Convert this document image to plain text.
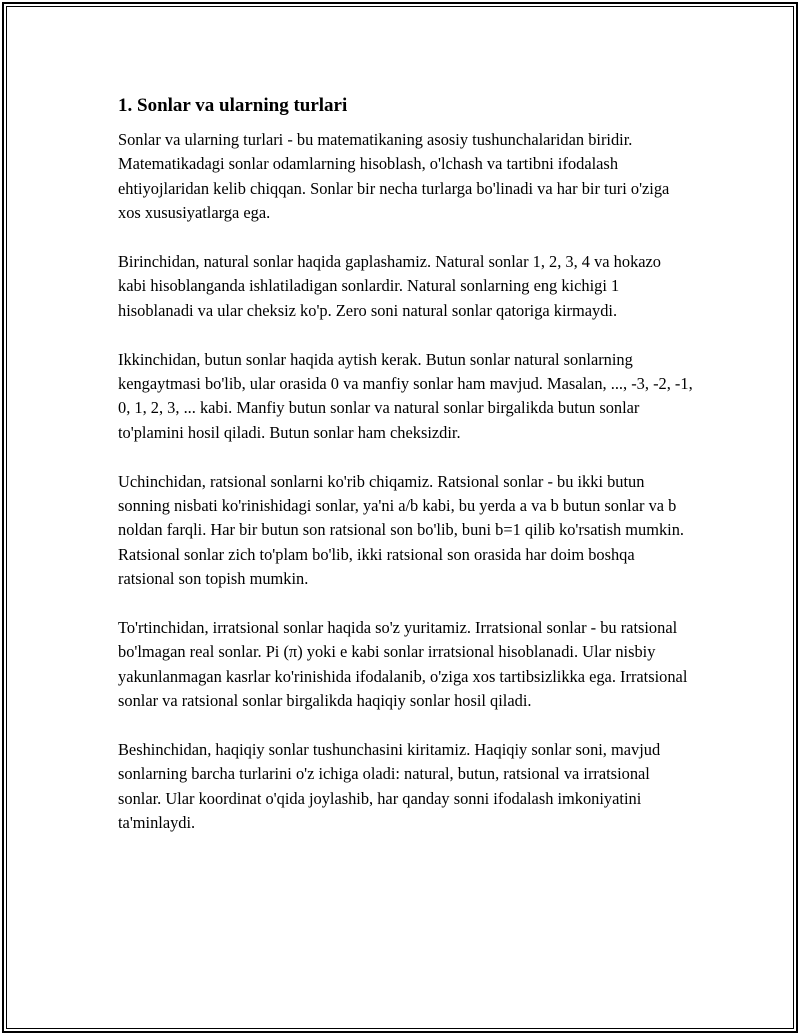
1. Sonlar va ularning turlari

Sonlar va ularning turlari - bu matematikaning asosiy tushunchalaridan biridir. Matematikadagi sonlar odamlarning hisoblash, o'lchash va tartibni ifodalash ehtiyojlaridan kelib chiqqan. Sonlar bir necha turlarga bo'linadi va har bir turi o'ziga xos xususiyatlarga ega.

Birinchidan, natural sonlar haqida gaplashamiz. Natural sonlar 1, 2, 3, 4 va hokazo kabi hisoblanganda ishlatiladigan sonlardir. Natural sonlarning eng kichigi 1 hisoblanadi va ular cheksiz ko'p. Zero soni natural sonlar qatoriga kirmaydi.

Ikkinchidan, butun sonlar haqida aytish kerak. Butun sonlar natural sonlarning kengaytmasi bo'lib, ular orasida 0 va manfiy sonlar ham mavjud. Masalan, ..., -3, -2, -1, 0, 1, 2, 3, ... kabi. Manfiy butun sonlar va natural sonlar birgalikda butun sonlar to'plamini hosil qiladi. Butun sonlar ham cheksizdir.

Uchinchidan, ratsional sonlarni ko'rib chiqamiz. Ratsional sonlar - bu ikki butun sonning nisbati ko'rinishidagi sonlar, ya'ni a/b kabi, bu yerda a va b butun sonlar va b noldan farqli. Har bir butun son ratsional son bo'lib, buni b=1 qilib ko'rsatish mumkin. Ratsional sonlar zich to'plam bo'lib, ikki ratsional son orasida har doim boshqa ratsional son topish mumkin.

To'rtinchidan, irratsional sonlar haqida so'z yuritamiz. Irratsional sonlar - bu ratsional bo'lmagan real sonlar. Pi (π) yoki e kabi sonlar irratsional hisoblanadi. Ular nisbiy yakunlanmagan kasrlar ko'rinishida ifodalanib, o'ziga xos tartibsizlikka ega. Irratsional sonlar va ratsional sonlar birgalikda haqiqiy sonlar hosil qiladi.

Beshinchidan, haqiqiy sonlar tushunchasini kiritamiz. Haqiqiy sonlar soni, mavjud sonlarning barcha turlarini o'z ichiga oladi: natural, butun, ratsional va irratsional sonlar. Ular koordinat o'qida joylashib, har qanday sonni ifodalash imkoniyatini ta'minlaydi.
